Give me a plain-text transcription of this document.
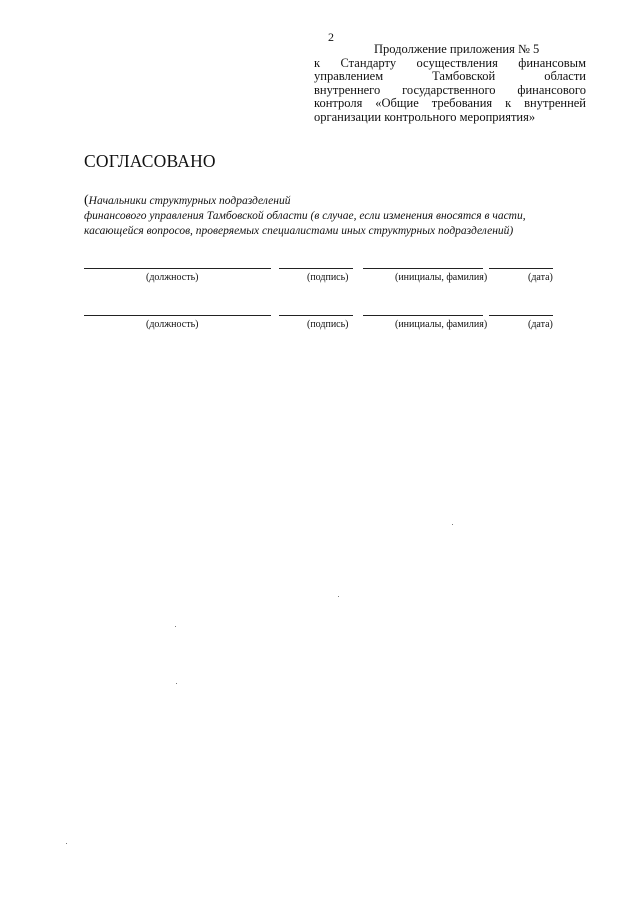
2
Продолжение приложения № 5
к Стандарту осуществления финансовым
управлением Тамбовской области
внутреннего государственного финансового
контроля «Общие требования к внутренней
организации контрольного мероприятия»
СОГЛАСОВАНО
(Начальники структурных подразделений
финансового управления Тамбовской области (в случае, если изменения вносятся в части,
касающейся вопросов, проверяемых специалистами иных структурных подразделений)
(должность)	(подпись)	(инициалы, фамилия)	(дата)
(должность)	(подпись)	(инициалы, фамилия)	(дата)
